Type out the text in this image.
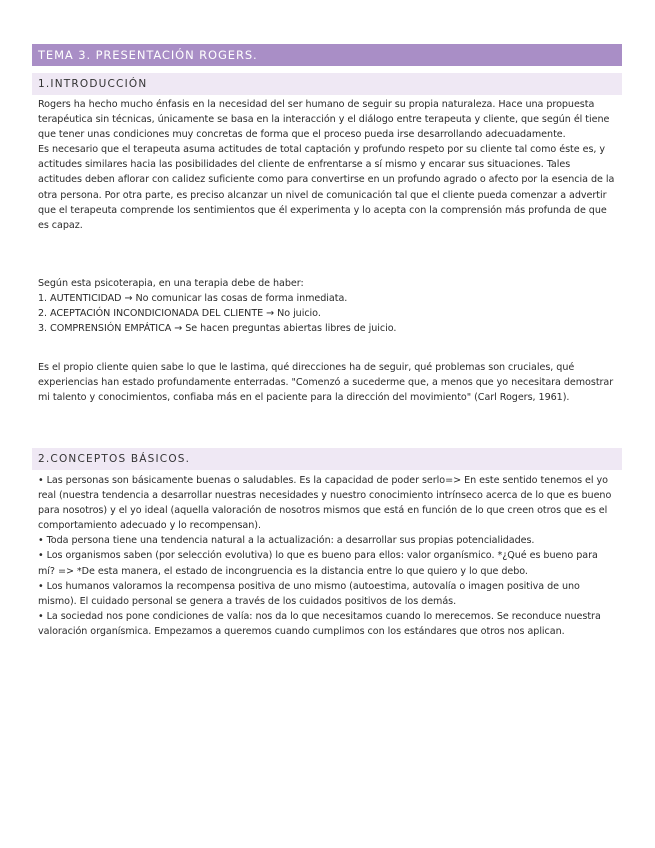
TEMA 3. PRESENTACIÓN ROGERS.
1.INTRODUCCIÓN

Rogers ha hecho mucho énfasis en la necesidad del ser humano de seguir su propia naturaleza. Hace una propuesta terapéutica sin técnicas, únicamente se basa en la interacción y el diálogo entre terapeuta y cliente, que según él tiene que tener unas condiciones muy concretas de forma que el proceso pueda irse desarrollando adecuadamente.

Es necesario que el terapeuta asuma actitudes de total captación y profundo respeto por su cliente tal como éste es, y actitudes similares hacia las posibilidades del cliente de enfrentarse a sí mismo y encarar sus situaciones. Tales actitudes deben aflorar con calidez suficiente como para convertirse en un profundo agrado o afecto por la esencia de la otra persona. Por otra parte, es preciso alcanzar un nivel de comunicación tal que el cliente pueda comenzar a advertir que el terapeuta comprende los sentimientos que él experimenta y lo acepta con la comprensión más profunda de que es capaz.

Según esta psicoterapia, en una terapia debe de haber:

1. AUTENTICIDAD → No comunicar las cosas de forma inmediata.

2. ACEPTACIÓN INCONDICIONADA DEL CLIENTE → No juicio.

3. COMPRENSIÓN EMPÁTICA → Se hacen preguntas abiertas libres de juicio.

Es el propio cliente quien sabe lo que le lastima, qué direcciones ha de seguir, qué problemas son cruciales, qué experiencias han estado profundamente enterradas. "Comenzó a sucederme que, a menos que yo necesitara demostrar mi talento y conocimientos, confiaba más en el paciente para la dirección del movimiento" (Carl Rogers, 1961).
2.CONCEPTOS BÁSICOS.

• Las personas son básicamente buenas o saludables. Es la capacidad de poder serlo=> En este sentido tenemos el yo real (nuestra tendencia a desarrollar nuestras necesidades y nuestro conocimiento intrínseco acerca de lo que es bueno para nosotros) y el yo ideal (aquella valoración de nosotros mismos que está en función de lo que creen otros que es el comportamiento adecuado y lo recompensan).

• Toda persona tiene una tendencia natural a la actualización: a desarrollar sus propias potencialidades.

• Los organismos saben (por selección evolutiva) lo que es bueno para ellos: valor organísmico. *¿Qué es bueno para mí? => *De esta manera, el estado de incongruencia es la distancia entre lo que quiero y lo que debo.

• Los humanos valoramos la recompensa positiva de uno mismo (autoestima, autovalía o imagen positiva de uno mismo). El cuidado personal se genera a través de los cuidados positivos de los demás.

• La sociedad nos pone condiciones de valía: nos da lo que necesitamos cuando lo merecemos. Se reconduce nuestra valoración organísmica. Empezamos a queremos cuando cumplimos con los estándares que otros nos aplican.
